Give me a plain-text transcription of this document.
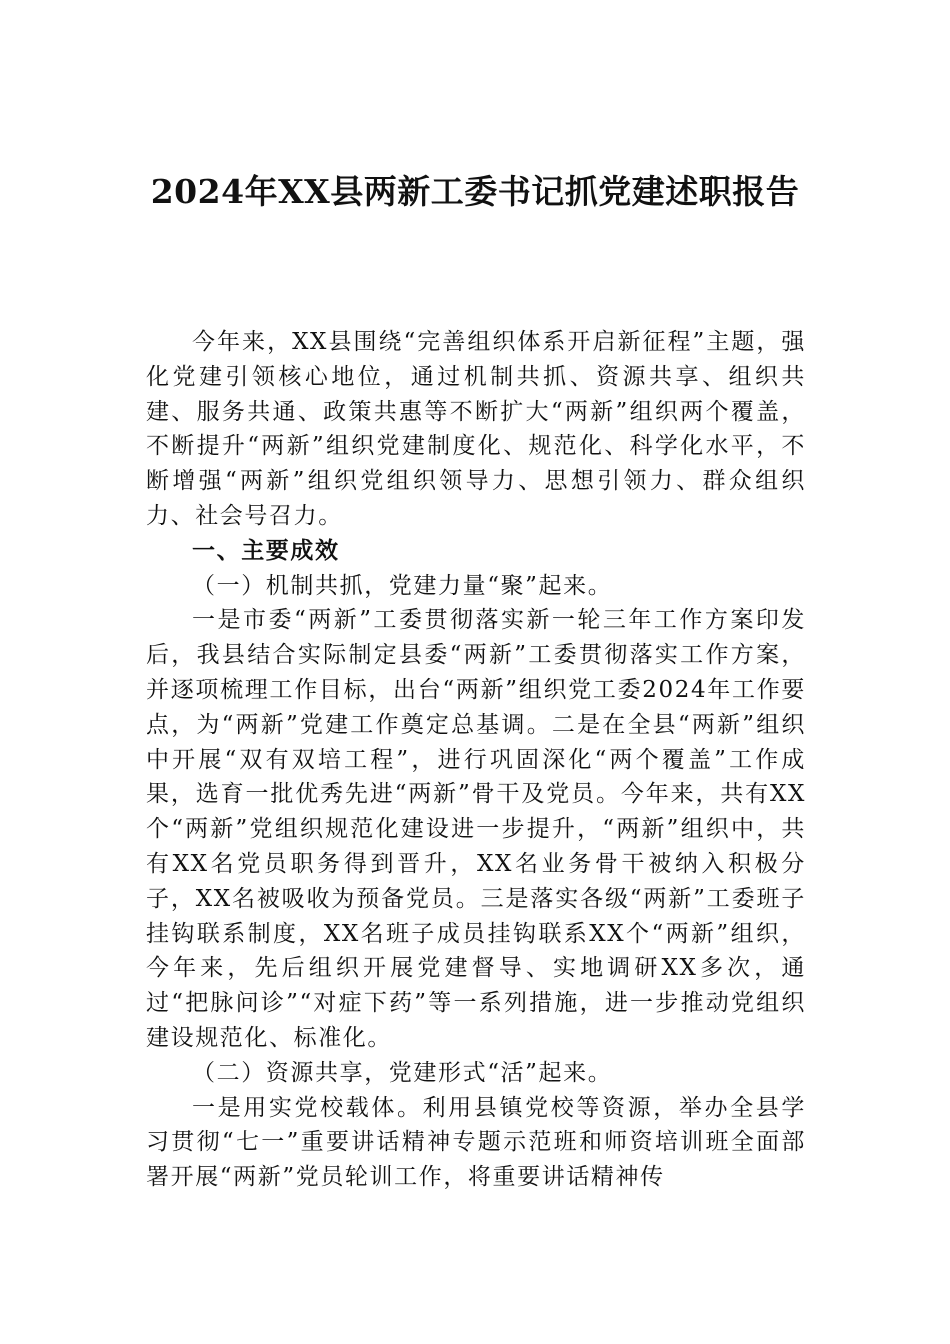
2024年XX县两新工委书记抓党建述职报告

今年来，XX县围绕“完善组织体系开启新征程”主题，强化党建引领核心地位，通过机制共抓、资源共享、组织共建、服务共通、政策共惠等不断扩大“两新”组织两个覆盖，不断提升“两新”组织党建制度化、规范化、科学化水平，不断增强“两新”组织党组织领导力、思想引领力、群众组织力、社会号召力。

一、主要成效

（一）机制共抓，党建力量“聚”起来。

一是市委“两新”工委贯彻落实新一轮三年工作方案印发后，我县结合实际制定县委“两新”工委贯彻落实工作方案，并逐项梳理工作目标，出台“两新”组织党工委2024年工作要点，为“两新”党建工作奠定总基调。二是在全县“两新”组织中开展“双有双培工程”，进行巩固深化“两个覆盖”工作成果，选育一批优秀先进“两新”骨干及党员。今年来，共有XX个“两新”党组织规范化建设进一步提升，“两新”组织中，共有XX名党员职务得到晋升，XX名业务骨干被纳入积极分子，XX名被吸收为预备党员。三是落实各级“两新”工委班子挂钩联系制度，XX名班子成员挂钩联系XX个“两新”组织，今年来，先后组织开展党建督导、实地调研XX多次，通过“把脉问诊”“对症下药”等一系列措施，进一步推动党组织建设规范化、标准化。

（二）资源共享，党建形式“活”起来。

一是用实党校载体。利用县镇党校等资源，举办全县学习贯彻“七一”重要讲话精神专题示范班和师资培训班全面部署开展“两新”党员轮训工作，将重要讲话精神传
